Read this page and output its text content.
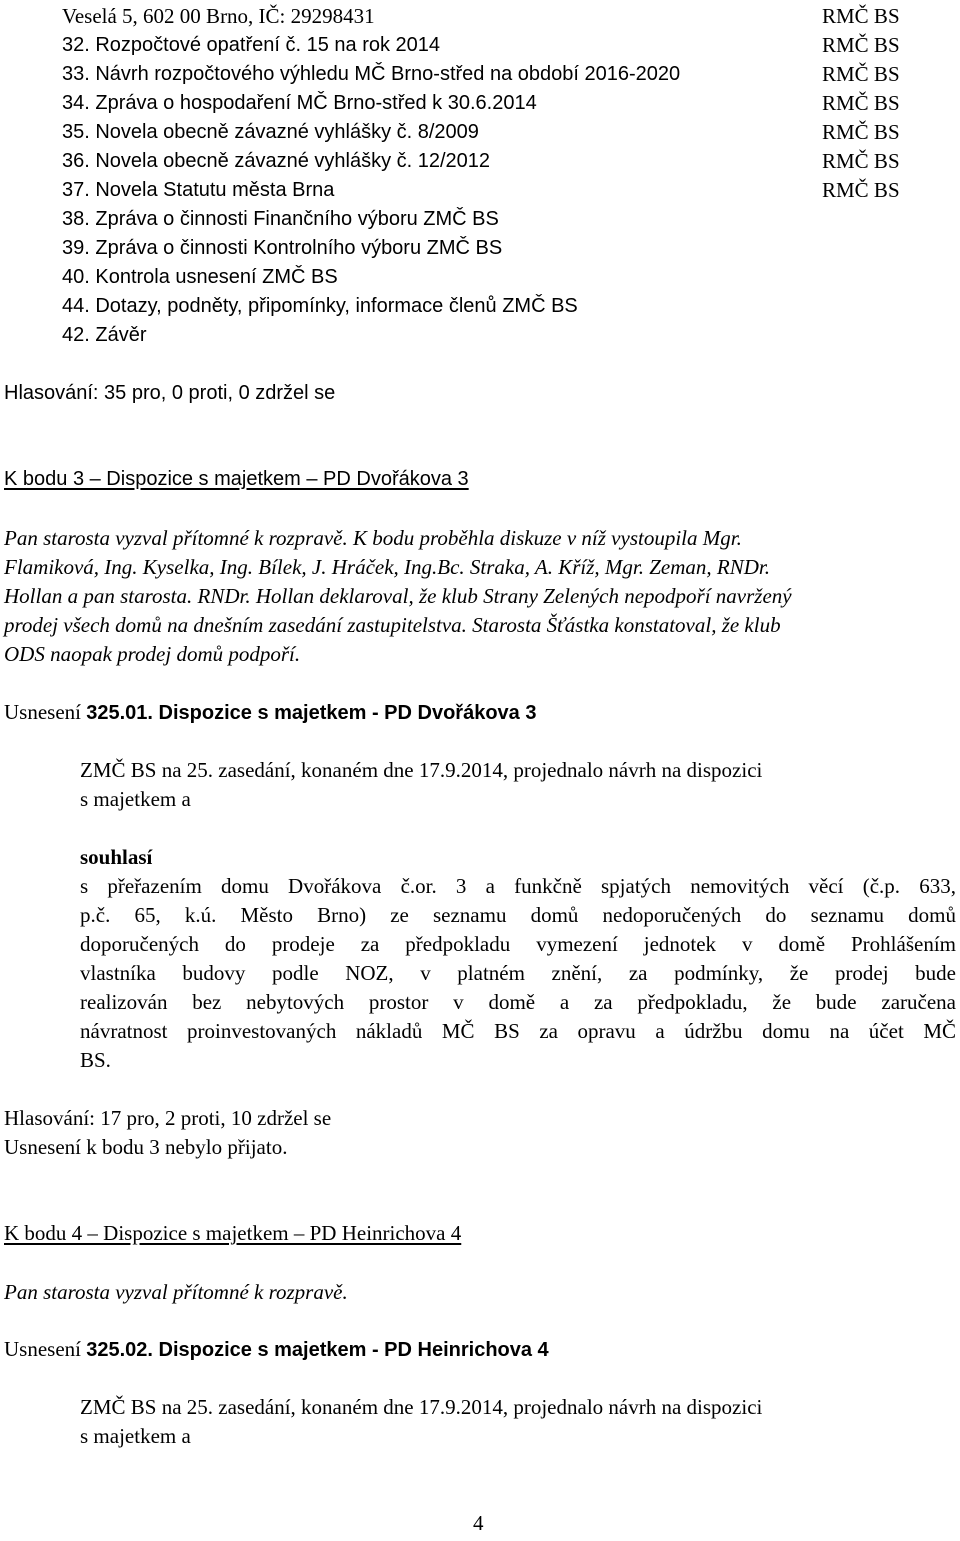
Veselá 5, 602 00 Brno, IČ: 29298431	RMČ BS
32. Rozpočtové opatření č. 15 na rok 2014	RMČ BS
33. Návrh rozpočtového výhledu MČ Brno-střed na období 2016-2020	RMČ BS
34. Zpráva o hospodaření MČ Brno-střed k 30.6.2014	RMČ BS
35. Novela obecně závazné vyhlášky č. 8/2009	RMČ BS
36. Novela obecně závazné vyhlášky č. 12/2012	RMČ BS
37. Novela Statutu města Brna	RMČ BS
38. Zpráva o činnosti Finančního výboru ZMČ BS
39. Zpráva o činnosti Kontrolního výboru ZMČ BS
40. Kontrola usnesení ZMČ BS
44. Dotazy, podněty, připomínky, informace členů ZMČ BS
42. Závěr
Hlasování: 35 pro, 0 proti, 0 zdržel se
K bodu 3 – Dispozice s majetkem – PD Dvořákova 3
Pan starosta vyzval přítomné k rozpravě. K bodu proběhla diskuze v níž vystoupila Mgr.
Flamiková, Ing. Kyselka, Ing. Bílek, J. Hráček, Ing.Bc. Straka, A. Kříž, Mgr. Zeman, RNDr.
Hollan a pan starosta. RNDr. Hollan deklaroval, že klub Strany Zelených nepodpoří navržený
prodej všech domů na dnešním zasedání zastupitelstva. Starosta Šťástka konstatoval, že klub
ODS naopak prodej domů podpoří.
Usnesení 325.01. Dispozice s majetkem - PD Dvořákova 3
ZMČ BS na 25. zasedání, konaném dne 17.9.2014, projednalo návrh na dispozici
s majetkem a
souhlasí
s přeřazením domu Dvořákova č.or. 3 a funkčně spjatých nemovitých věcí (č.p. 633,
p.č. 65, k.ú. Město Brno) ze seznamu domů nedoporučených do seznamu domů
doporučených do prodeje za předpokladu vymezení jednotek v domě Prohlášením
vlastníka budovy podle NOZ, v platném znění, za podmínky, že prodej bude
realizován bez nebytových prostor v domě a za předpokladu, že bude zaručena
návratnost proinvestovaných nákladů MČ BS za opravu a údržbu domu na účet MČ
BS.
Hlasování: 17 pro, 2 proti, 10 zdržel se
Usnesení k bodu 3 nebylo přijato.
K bodu 4 – Dispozice s majetkem – PD Heinrichova 4
Pan starosta vyzval přítomné k rozpravě.
Usnesení 325.02. Dispozice s majetkem - PD Heinrichova 4
ZMČ BS na 25. zasedání, konaném dne 17.9.2014, projednalo návrh na dispozici
s majetkem a
4
